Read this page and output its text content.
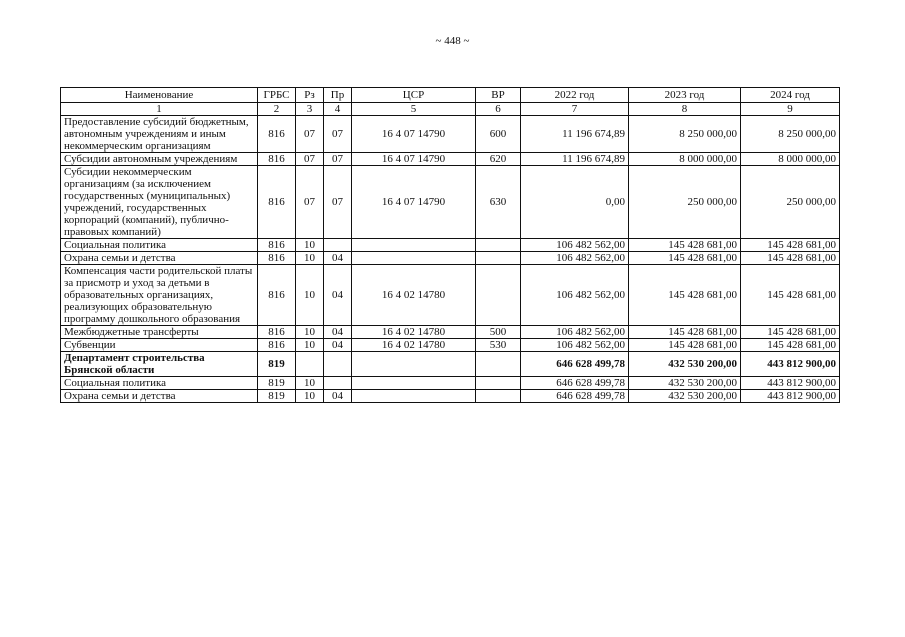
~ 448 ~
Наименование	ГРБС	Рз	Пр	ЦСР	ВР	2022 год	2023 год	2024 год
1	2	3	4	5	6	7	8	9
Предоставление субсидий бюджетным, автономным учреждениям и иным некоммерческим организациям	816	07	07	16 4 07 14790	600	11 196 674,89	8 250 000,00	8 250 000,00
Субсидии автономным учреждениям	816	07	07	16 4 07 14790	620	11 196 674,89	8 000 000,00	8 000 000,00
Субсидии некоммерческим организациям (за исключением государственных (муниципальных) учреждений, государственных корпораций (компаний), публично-правовых компаний)	816	07	07	16 4 07 14790	630	0,00	250 000,00	250 000,00
Социальная политика	816	10				106 482 562,00	145 428 681,00	145 428 681,00
Охрана семьи и детства	816	10	04			106 482 562,00	145 428 681,00	145 428 681,00
Компенсация части родительской платы за присмотр и уход за детьми в образовательных организациях, реализующих образовательную программу дошкольного образования	816	10	04	16 4 02 14780		106 482 562,00	145 428 681,00	145 428 681,00
Межбюджетные трансферты	816	10	04	16 4 02 14780	500	106 482 562,00	145 428 681,00	145 428 681,00
Субвенции	816	10	04	16 4 02 14780	530	106 482 562,00	145 428 681,00	145 428 681,00
Департамент строительства Брянской области	819					646 628 499,78	432 530 200,00	443 812 900,00
Социальная политика	819	10				646 628 499,78	432 530 200,00	443 812 900,00
Охрана семьи и детства	819	10	04			646 628 499,78	432 530 200,00	443 812 900,00
